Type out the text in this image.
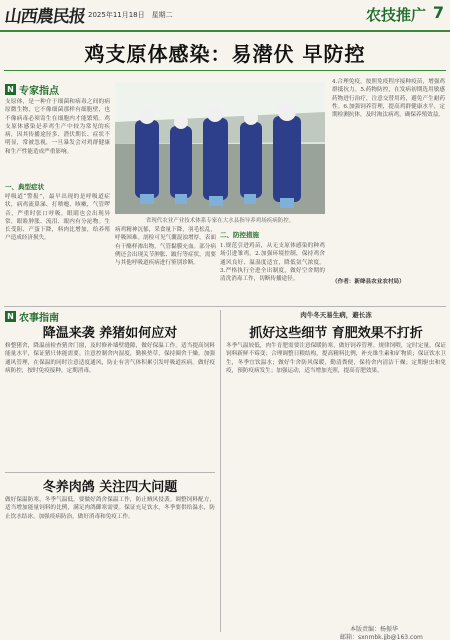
山西農民报 2025年11月18日　星期二	农技推广 7
鸡支原体感染：易潜伏 早防控
N 专家指点
支原体，是一种介于细菌和病毒之间的病原微生物，它不像细菌那样有细胞壁，也不像病毒必须寄生在细胞内才能繁殖。鸡支原体感染是养鸡生产中较为常见的疾病，因其传播途径多、潜伏期长、症状不明显，常被忽视，一旦暴发会对鸡群健康和生产性能造成严重影响。
一、典型症状
呼吸道“警报”，最早出现的是呼吸道症状，病鸡流鼻涕、打喷嚏、咳嗽，气管啰音，严重时张口呼吸。眼睛也会出现异常，眼睑肿胀、流泪、眼内有分泌物。生长受阻、产蛋下降，料肉比增加，给养殖户造成经济损失。
省现代农业产业技术体系专家在大水县指导养鸡场疾病防控。
病鸡精神沉郁，采食量下降，羽毛松乱，呼吸困难。剖检可见气囊混浊增厚，表面有干酪样渗出物，气管黏膜充血。部分病例还会出现关节肿胀、跛行等症状，需要与其他呼吸道疾病进行鉴别诊断。
二、防控措施
1.规范引进鸡苗，从无支原体感染的种鸡场引进雏鸡。2.加强环境控制，保持鸡舍通风良好、温湿度适宜，降低氨气浓度。3.严格执行全进全出制度，做好空舍期的清洗消毒工作，切断传播途径。
4.合理免疫，按照免疫程序接种疫苗，增强鸡群抵抗力。5.药物防控，在发病初期选用敏感药物进行治疗，注意交替用药，避免产生耐药性。6.加强饲养管理，提高鸡群健康水平，定期检测抗体，及时淘汰病鸡，确保养殖效益。
（作者：新绛县农业农村局）
N 农事指南
降温来袭 养猪如何应对
修整猪舍，降温前检查猪舍门窗，及时修补墙壁缝隙，做好保温工作。适当提高饲料能量水平，保证猪只体能需要。注意控制舍内湿度，勤换垫草，保持圈舍干燥。加强通风管理，在保温的同时注意适度通风，防止有害气体积累引发呼吸道疾病。做好疫病防控，按时免疫接种，定期消毒。
冬养肉鸽 关注四大问题
做好保温防寒，冬季气温低，要做好鸽舍保温工作，防止贼风侵袭。调整饲料配方，适当增加能量饲料的比例，满足肉鸽御寒需要。保证充足饮水，冬季要供给温水，防止饮水结冰。加强疫病防治，做好消毒和免疫工作。
肉牛冬天易生病，避长冻
抓好这些细节 育肥效果不打折
冬季气温较低，肉牛育肥需要注意保暖防寒，做好饲养管理。规律饲喂，定时定量，保证饲料新鲜不霉变；合理调整日粮结构，提高精料比例，补充维生素和矿物质；保证饮水卫生，冬季宜饮温水；做好牛舍防风保暖，勤清粪便，保持舍内清洁干燥；定期驱虫和免疫，预防疫病发生；加强运动，适当增加光照，提高育肥效果。
本版责编：杨振华
邮箱：sxnmbk.jjb@163.com
